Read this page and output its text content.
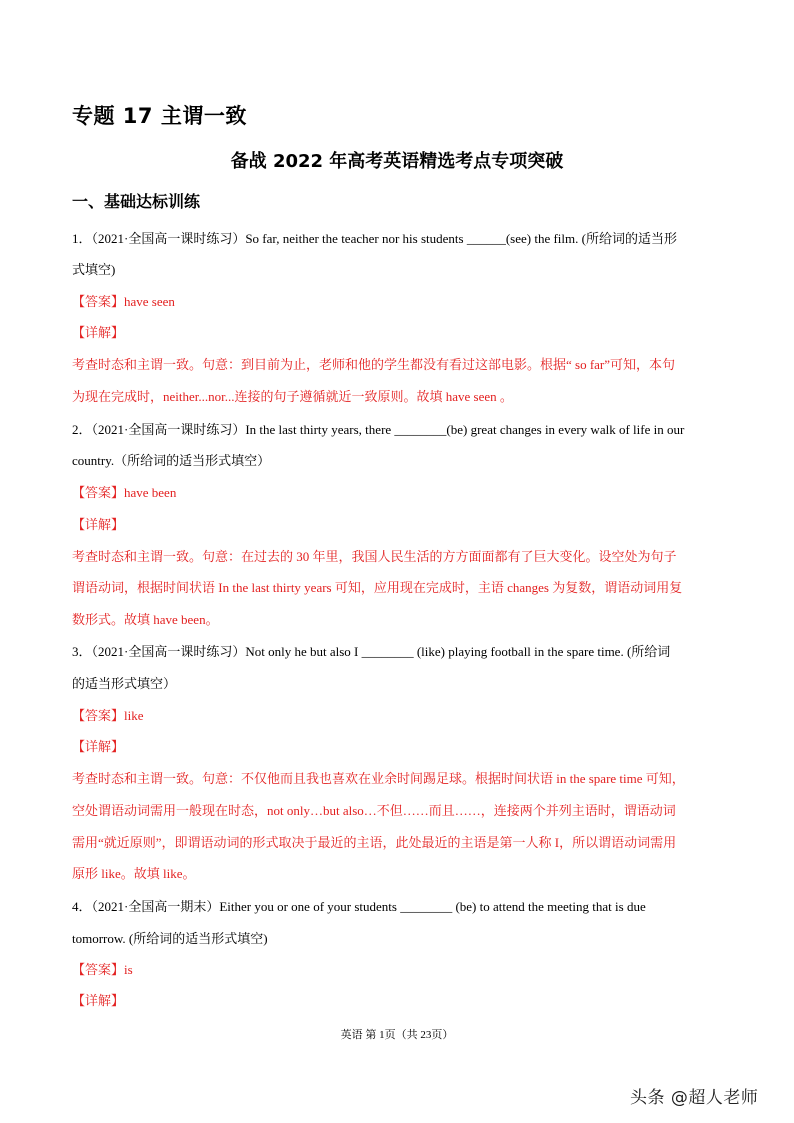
专题 17 主谓一致
备战 2022 年高考英语精选考点专项突破
一、基础达标训练
1．（2021·全国高一课时练习）So far, neither the teacher nor his students ______(see) the film. (所给词的适当形
式填空)
【答案】have seen
【详解】
考查时态和主谓一致。句意：到目前为止，老师和他的学生都没有看过这部电影。根据“ so far”可知，本句
为现在完成时，neither...nor...连接的句子遵循就近一致原则。故填 have seen 。
2．（2021·全国高一课时练习）In the last thirty years, there ________(be) great changes in every walk of life in our
country.（所给词的适当形式填空）
【答案】have been
【详解】
考查时态和主谓一致。句意：在过去的 30 年里，我国人民生活的方方面面都有了巨大变化。设空处为句子
谓语动词，根据时间状语 In the last thirty years 可知，应用现在完成时，主语 changes 为复数，谓语动词用复
数形式。故填 have been。
3．（2021·全国高一课时练习）Not only he but also I ________ (like) playing football in the spare time. (所给词
的适当形式填空）
【答案】like
【详解】
考查时态和主谓一致。句意：不仅他而且我也喜欢在业余时间踢足球。根据时间状语 in the spare time 可知，
空处谓语动词需用一般现在时态，not only…but also…不但……而且……，连接两个并列主语时，谓语动词
需用“就近原则”，即谓语动词的形式取决于最近的主语，此处最近的主语是第一人称 I，所以谓语动词需用
原形 like。故填 like。
4．（2021·全国高一期末）Either you or one of your students ________ (be) to attend the meeting that is due
tomorrow. (所给词的适当形式填空)
【答案】is
【详解】
英语 第 1页（共 23页）
头条 @超人老师
